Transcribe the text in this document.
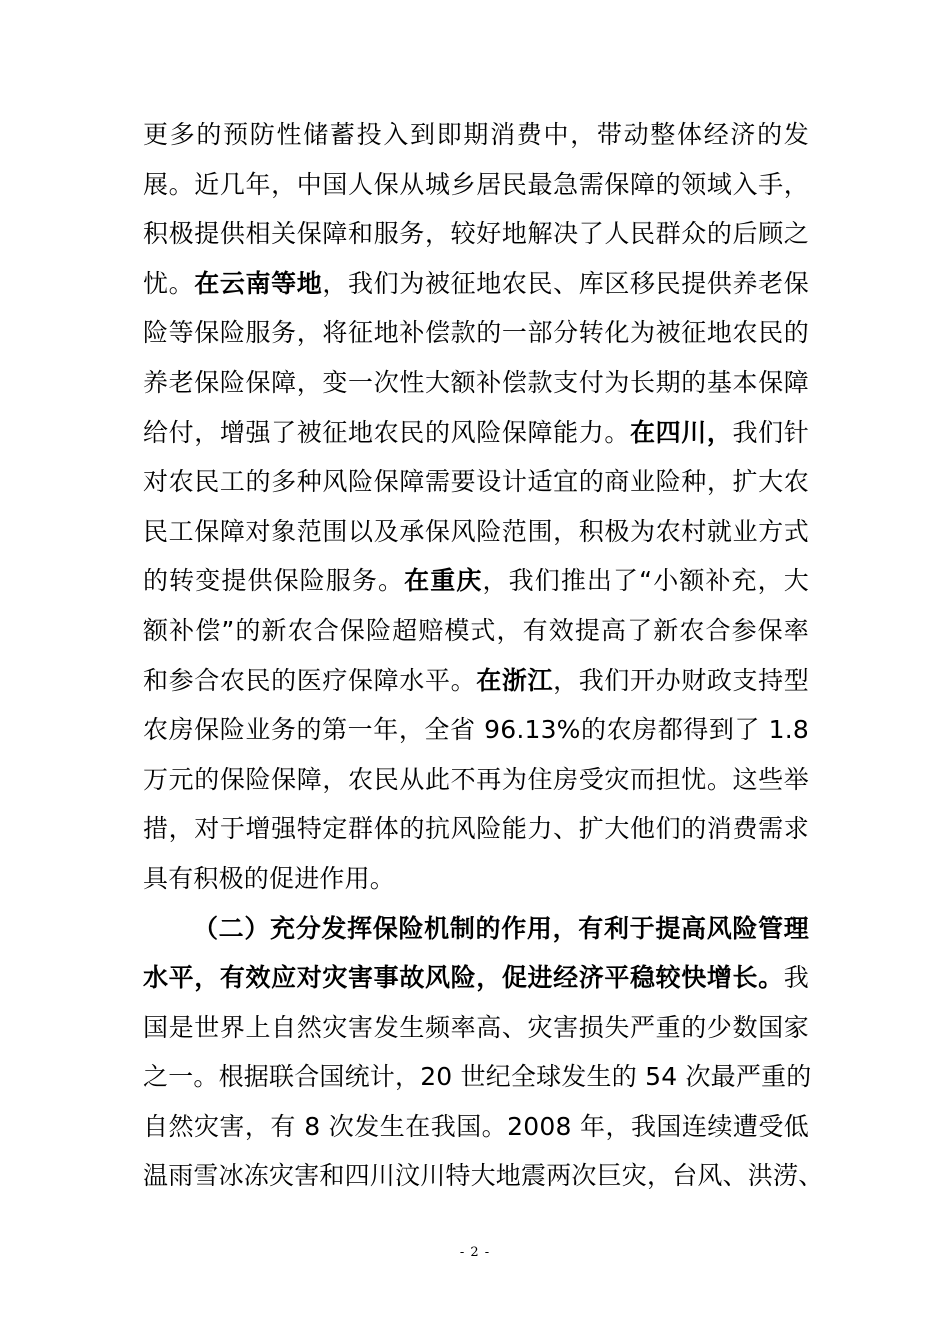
更多的预防性储蓄投入到即期消费中，带动整体经济的发
展。近几年，中国人保从城乡居民最急需保障的领域入手，
积极提供相关保障和服务，较好地解决了人民群众的后顾之
忧。在云南等地，我们为被征地农民、库区移民提供养老保
险等保险服务，将征地补偿款的一部分转化为被征地农民的
养老保险保障，变一次性大额补偿款支付为长期的基本保障
给付，增强了被征地农民的风险保障能力。在四川，我们针
对农民工的多种风险保障需要设计适宜的商业险种，扩大农
民工保障对象范围以及承保风险范围，积极为农村就业方式
的转变提供保险服务。在重庆，我们推出了“小额补充，大
额补偿”的新农合保险超赔模式，有效提高了新农合参保率
和参合农民的医疗保障水平。在浙江，我们开办财政支持型
农房保险业务的第一年，全省 96.13%的农房都得到了 1.8
万元的保险保障，农民从此不再为住房受灾而担忧。这些举
措，对于增强特定群体的抗风险能力、扩大他们的消费需求
具有积极的促进作用。
（二）充分发挥保险机制的作用，有利于提高风险管理
水平，有效应对灾害事故风险，促进经济平稳较快增长。我
国是世界上自然灾害发生频率高、灾害损失严重的少数国家
之一。根据联合国统计，20 世纪全球发生的 54 次最严重的
自然灾害，有 8 次发生在我国。2008 年，我国连续遭受低
温雨雪冰冻灾害和四川汶川特大地震两次巨灾，台风、洪涝、
- 2 -
